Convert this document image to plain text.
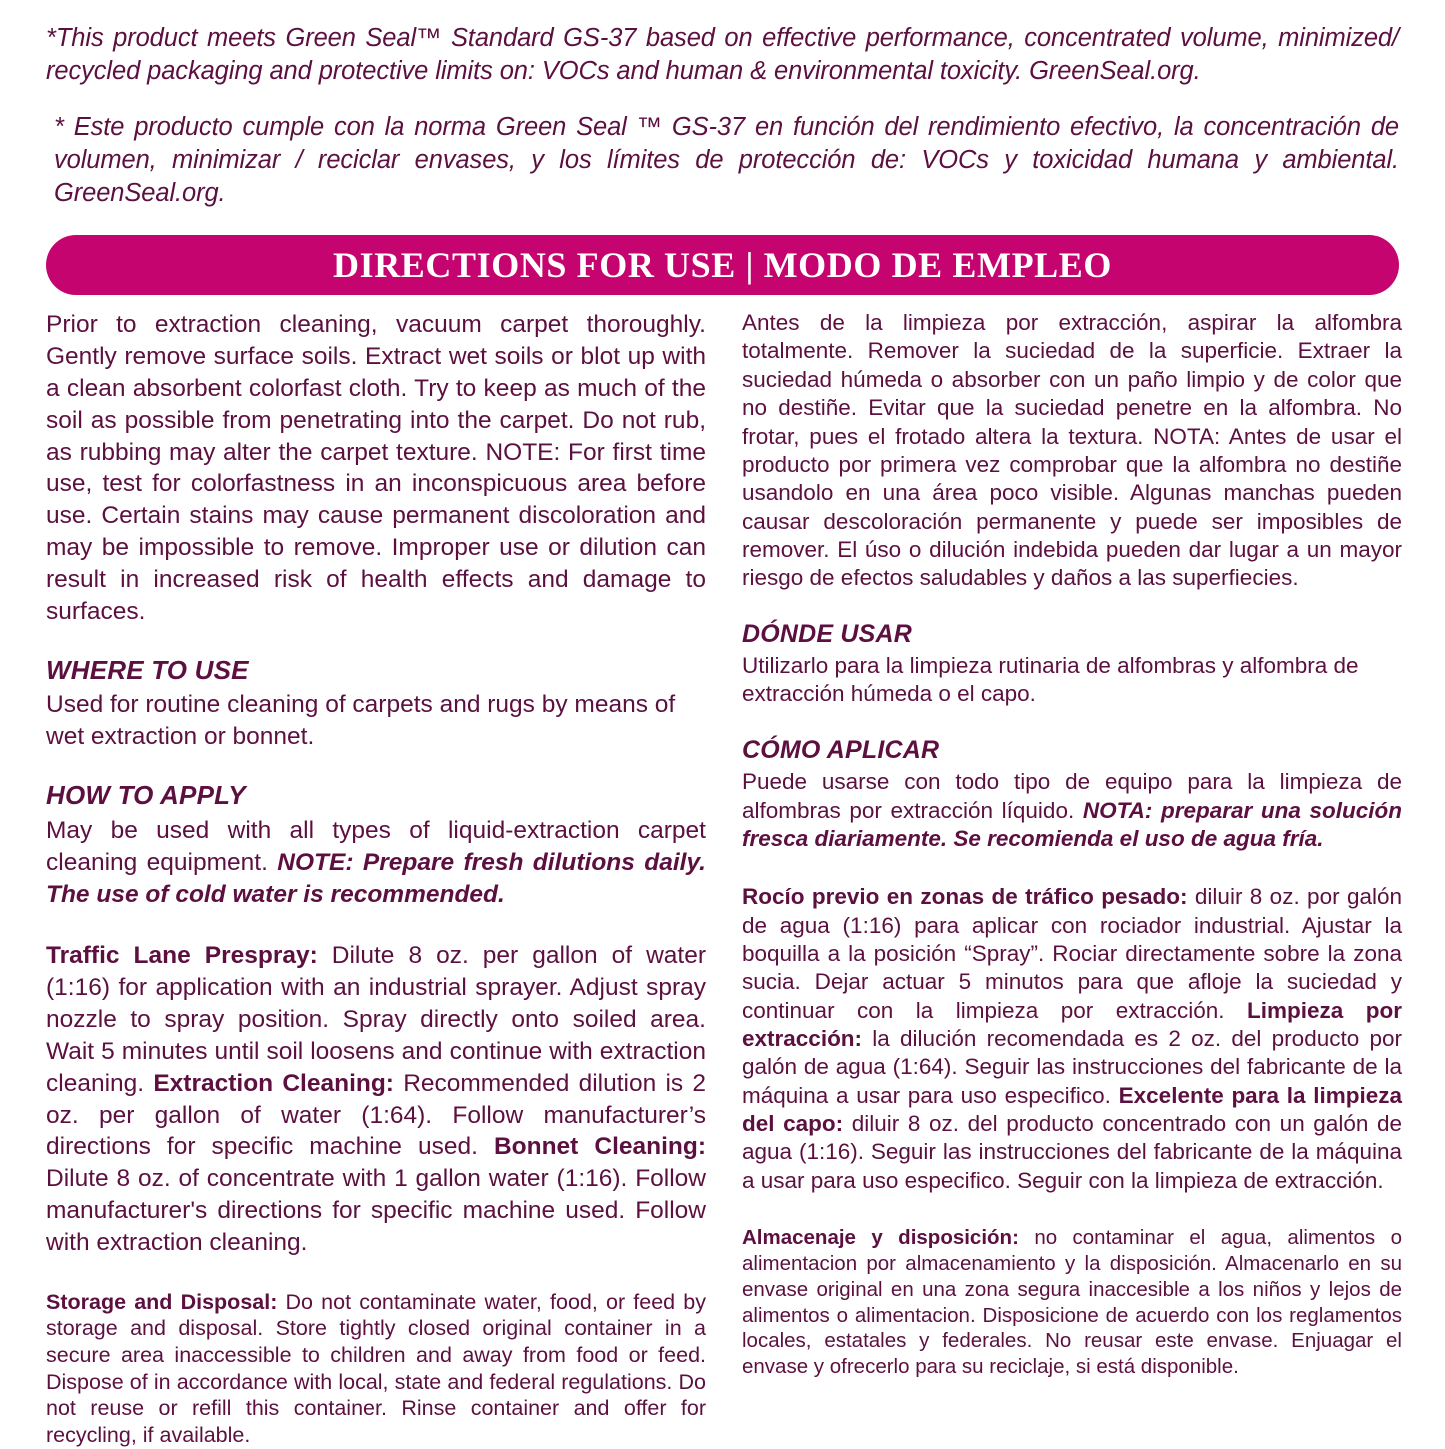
*This product meets Green Seal™ Standard GS-37 based on effective performance, concentrated volume, minimized/ recycled packaging and protective limits on: VOCs and human & environmental toxicity. GreenSeal.org.

* Este producto cumple con la norma Green Seal ™ GS-37 en función del rendimiento efectivo, la concentración de volumen, minimizar / reciclar envases, y los límites de protección de: VOCs y toxicidad humana y ambiental. GreenSeal.org.

DIRECTIONS FOR USE | MODO DE EMPLEO

Prior to extraction cleaning, vacuum carpet thoroughly. Gently remove surface soils. Extract wet soils or blot up with a clean absorbent colorfast cloth. Try to keep as much of the soil as possible from penetrating into the carpet. Do not rub, as rubbing may alter the carpet texture. NOTE: For first time use, test for colorfastness in an inconspicuous area before use. Certain stains may cause permanent discoloration and may be impossible to remove. Improper use or dilution can result in increased risk of health effects and damage to surfaces.

WHERE TO USE

Used for routine cleaning of carpets and rugs by means of wet extraction or bonnet.

HOW TO APPLY

May be used with all types of liquid-extraction carpet cleaning equipment. NOTE: Prepare fresh dilutions daily. The use of cold water is recommended.

Traffic Lane Prespray: Dilute 8 oz. per gallon of water (1:16) for application with an industrial sprayer. Adjust spray nozzle to spray position. Spray directly onto soiled area. Wait 5 minutes until soil loosens and continue with extraction cleaning. Extraction Cleaning: Recommended dilution is 2 oz. per gallon of water (1:64). Follow manufacturer’s directions for specific machine used. Bonnet Cleaning: Dilute 8 oz. of concentrate with 1 gallon water (1:16). Follow manufacturer's directions for specific machine used. Follow with extraction cleaning.

Storage and Disposal: Do not contaminate water, food, or feed by storage and disposal. Store tightly closed original container in a secure area inaccessible to children and away from food or feed. Dispose of in accordance with local, state and federal regulations. Do not reuse or refill this container. Rinse container and offer for recycling, if available.

Antes de la limpieza por extracción, aspirar la alfombra totalmente. Remover la suciedad de la superficie. Extraer la suciedad húmeda o absorber con un paño limpio y de color que no destiñe. Evitar que la suciedad penetre en la alfombra. No frotar, pues el frotado altera la textura. NOTA: Antes de usar el producto por primera vez comprobar que la alfombra no destiñe usandolo en una área poco visible. Algunas manchas pueden causar descoloración permanente y puede ser imposibles de remover. El úso o dilución indebida pueden dar lugar a un mayor riesgo de efectos saludables y daños a las superfiecies.

DÓNDE USAR

Utilizarlo para la limpieza rutinaria de alfombras y alfombra de extracción húmeda o el capo.

CÓMO APLICAR

Puede usarse con todo tipo de equipo para la limpieza de alfombras por extracción líquido. NOTA: preparar una solución fresca diariamente. Se recomienda el uso de agua fría.

Rocío previo en zonas de tráfico pesado: diluir 8 oz. por galón de agua (1:16) para aplicar con rociador industrial. Ajustar la boquilla a la posición “Spray”. Rociar directamente sobre la zona sucia. Dejar actuar 5 minutos para que afloje la suciedad y continuar con la limpieza por extracción. Limpieza por extracción: la dilución recomendada es 2 oz. del producto por galón de agua (1:64). Seguir las instrucciones del fabricante de la máquina a usar para uso especifico. Excelente para la limpieza del capo: diluir 8 oz. del producto concentrado con un galón de agua (1:16). Seguir las instrucciones del fabricante de la máquina a usar para uso especifico. Seguir con la limpieza de extracción.

Almacenaje y disposición: no contaminar el agua, alimentos o alimentacion por almacenamiento y la disposición. Almacenarlo en su envase original en una zona segura inaccesible a los niños y lejos de alimentos o alimentacion. Disposicione de acuerdo con los reglamentos locales, estatales y federales. No reusar este envase. Enjuagar el envase y ofrecerlo para su reciclaje, si está disponible.
